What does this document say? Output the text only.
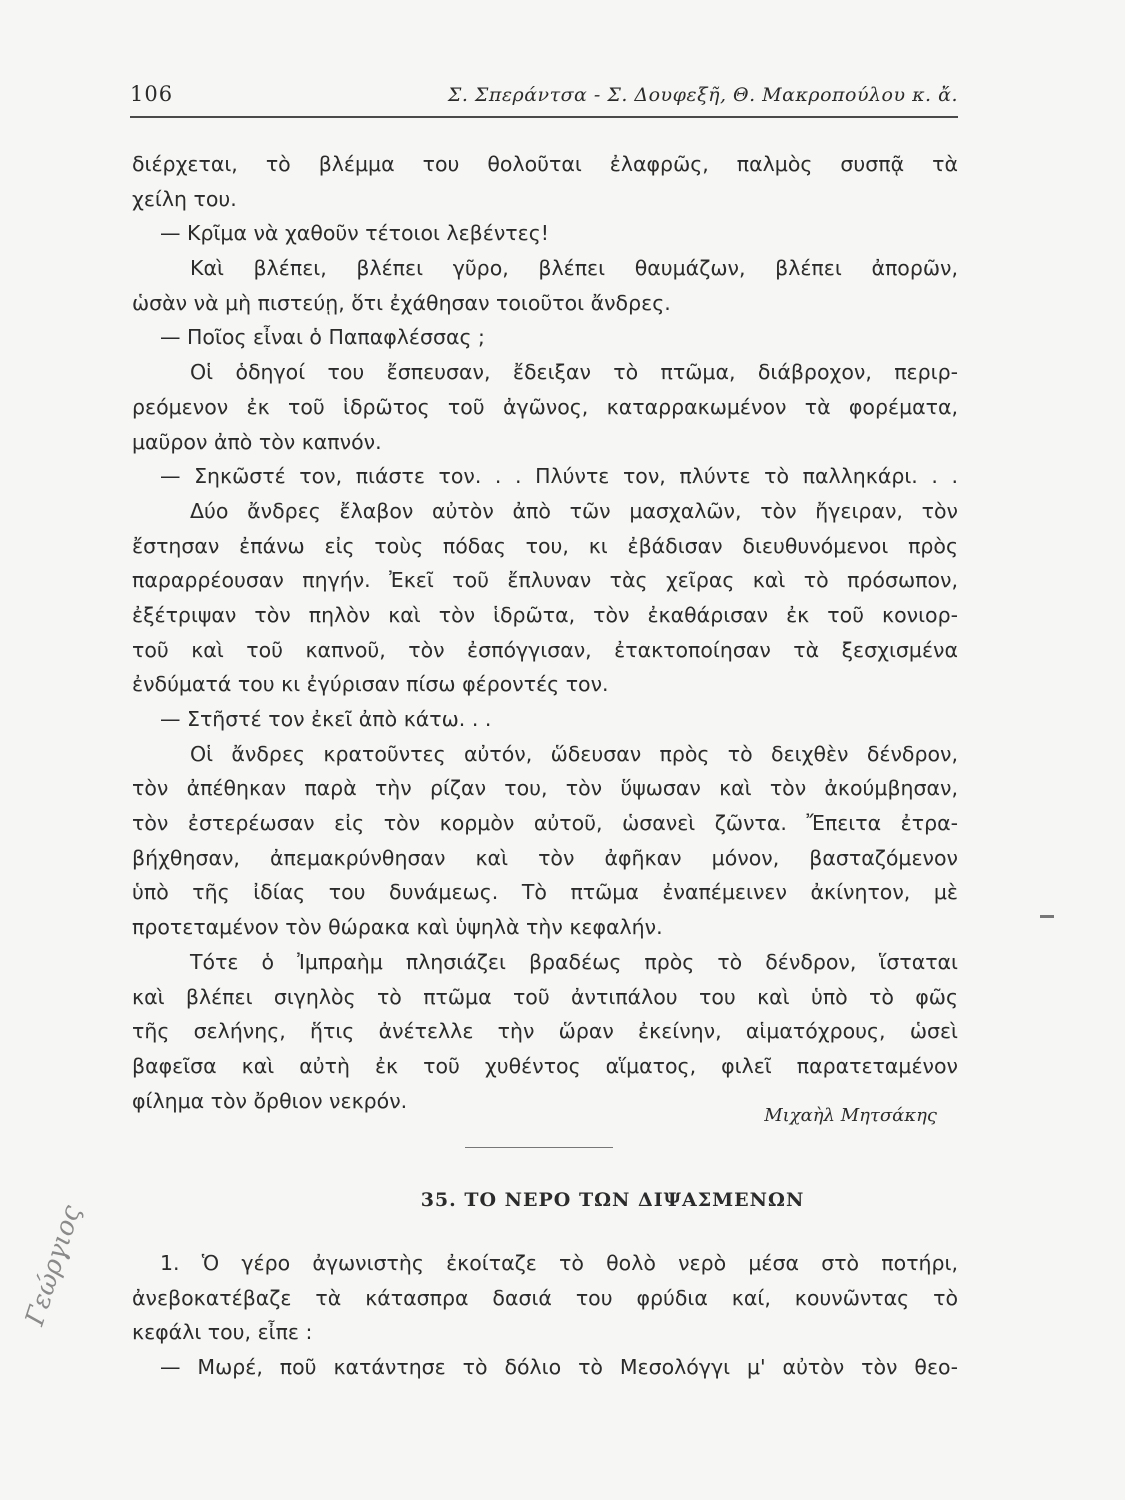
106	Σ. Σπεράντσα - Σ. Δουφεξῆ, Θ. Μακροπούλου κ. ἄ.
διέρχεται, τὸ βλέμμα του θολοῦται ἐλαφρῶς, παλμὸς συσπᾷ τὰ
χείλη του.
— Κρῖμα νὰ χαθοῦν τέτοιοι λεβέντες!
Καὶ βλέπει, βλέπει γῦρο, βλέπει θαυμάζων, βλέπει ἀπορῶν,
ὡσὰν νὰ μὴ πιστεύῃ, ὅτι ἐχάθησαν τοιοῦτοι ἄνδρες.
— Ποῖος εἶναι ὁ Παπαφλέσσας ;
Οἱ ὁδηγοί του ἔσπευσαν, ἔδειξαν τὸ πτῶμα, διάβροχον, περιρ-
ρεόμενον ἐκ τοῦ ἱδρῶτος τοῦ ἀγῶνος, καταρρακωμένον τὰ φορέματα,
μαῦρον ἀπὸ τὸν καπνόν.
— Σηκῶστέ τον, πιάστε τον. . . Πλύντε τον, πλύντε τὸ παλληκάρι. . .
Δύο ἄνδρες ἔλαβον αὐτὸν ἀπὸ τῶν μασχαλῶν, τὸν ἤγειραν, τὸν
ἔστησαν ἐπάνω εἰς τοὺς πόδας του, κι ἐβάδισαν διευθυνόμενοι πρὸς
παραρρέουσαν πηγήν. Ἐκεῖ τοῦ ἔπλυναν τὰς χεῖρας καὶ τὸ πρόσωπον,
ἐξέτριψαν τὸν πηλὸν καὶ τὸν ἱδρῶτα, τὸν ἐκαθάρισαν ἐκ τοῦ κονιορ-
τοῦ καὶ τοῦ καπνοῦ, τὸν ἐσπόγγισαν, ἐτακτοποίησαν τὰ ξεσχισμένα
ἐνδύματά του κι ἐγύρισαν πίσω φέροντές τον.
— Στῆστέ τον ἐκεῖ ἀπὸ κάτω. . .
Οἱ ἄνδρες κρατοῦντες αὐτόν, ὥδευσαν πρὸς τὸ δειχθὲν δένδρον,
τὸν ἀπέθηκαν παρὰ τὴν ρίζαν του, τὸν ὕψωσαν καὶ τὸν ἀκούμβησαν,
τὸν ἐστερέωσαν εἰς τὸν κορμὸν αὐτοῦ, ὡσανεὶ ζῶντα. Ἔπειτα ἐτρα-
βήχθησαν, ἀπεμακρύνθησαν καὶ τὸν ἀφῆκαν μόνον, βασταζόμενον
ὑπὸ τῆς ἰδίας του δυνάμεως. Τὸ πτῶμα ἐναπέμεινεν ἀκίνητον, μὲ
προτεταμένον τὸν θώρακα καὶ ὑψηλὰ τὴν κεφαλήν.
Τότε ὁ Ἰμπραὴμ πλησιάζει βραδέως πρὸς τὸ δένδρον, ἵσταται
καὶ βλέπει σιγηλὸς τὸ πτῶμα τοῦ ἀντιπάλου του καὶ ὑπὸ τὸ φῶς
τῆς σελήνης, ἥτις ἀνέτελλε τὴν ὥραν ἐκείνην, αἱματόχρους, ὡσεὶ
βαφεῖσα καὶ αὐτὴ ἐκ τοῦ χυθέντος αἵματος, φιλεῖ παρατεταμένον
φίλημα τὸν ὄρθιον νεκρόν.
Μιχαὴλ Μητσάκης
35. ΤΟ ΝΕΡΟ ΤΩΝ ΔΙΨΑΣΜΕΝΩΝ
1. Ὁ γέρο ἀγωνιστὴς ἐκοίταζε τὸ θολὸ νερὸ μέσα στὸ ποτήρι,
ἀνεβοκατέβαζε τὰ κάτασπρα δασιά του φρύδια καί, κουνῶντας τὸ
κεφάλι του, εἶπε :
— Μωρέ, ποῦ κατάντησε τὸ δόλιο τὸ Μεσολόγγι μ' αὐτὸν τὸν θεο-
Γεώργιος
